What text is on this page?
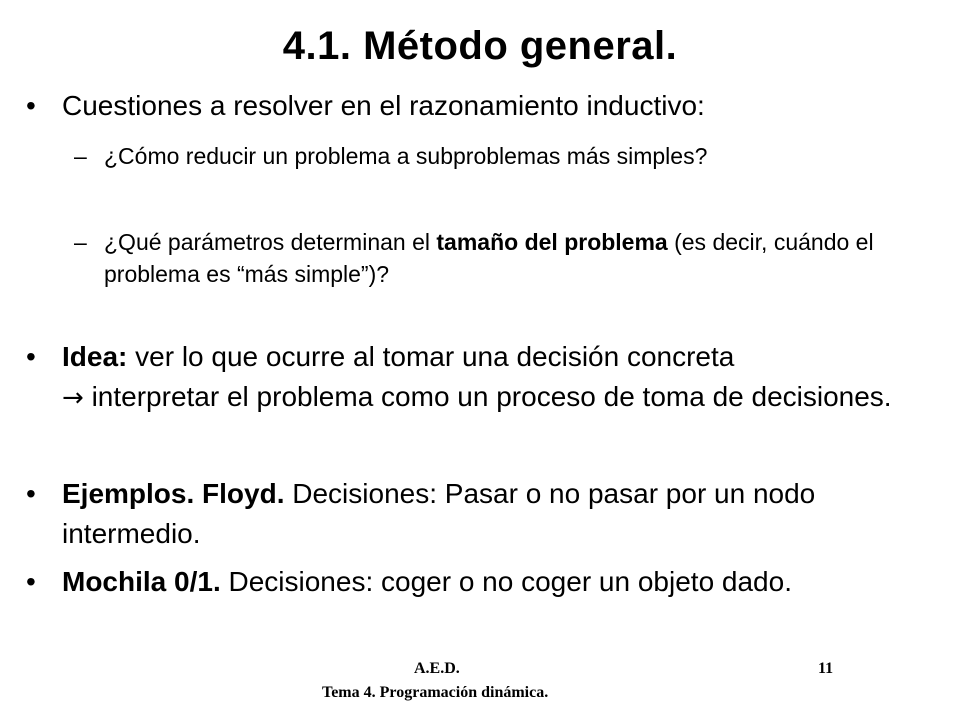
4.1. Método general.
• Cuestiones a resolver en el razonamiento inductivo:
– ¿Cómo reducir un problema a subproblemas más simples?
– ¿Qué parámetros determinan el tamaño del problema (es decir, cuándo el problema es “más simple”)?
• Idea: ver lo que ocurre al tomar una decisión concreta
→ interpretar el problema como un proceso de toma de decisiones.
• Ejemplos. Floyd. Decisiones: Pasar o no pasar por un nodo intermedio.
• Mochila 0/1. Decisiones: coger o no coger un objeto dado.
A.E.D.
Tema 4. Programación dinámica.
11
